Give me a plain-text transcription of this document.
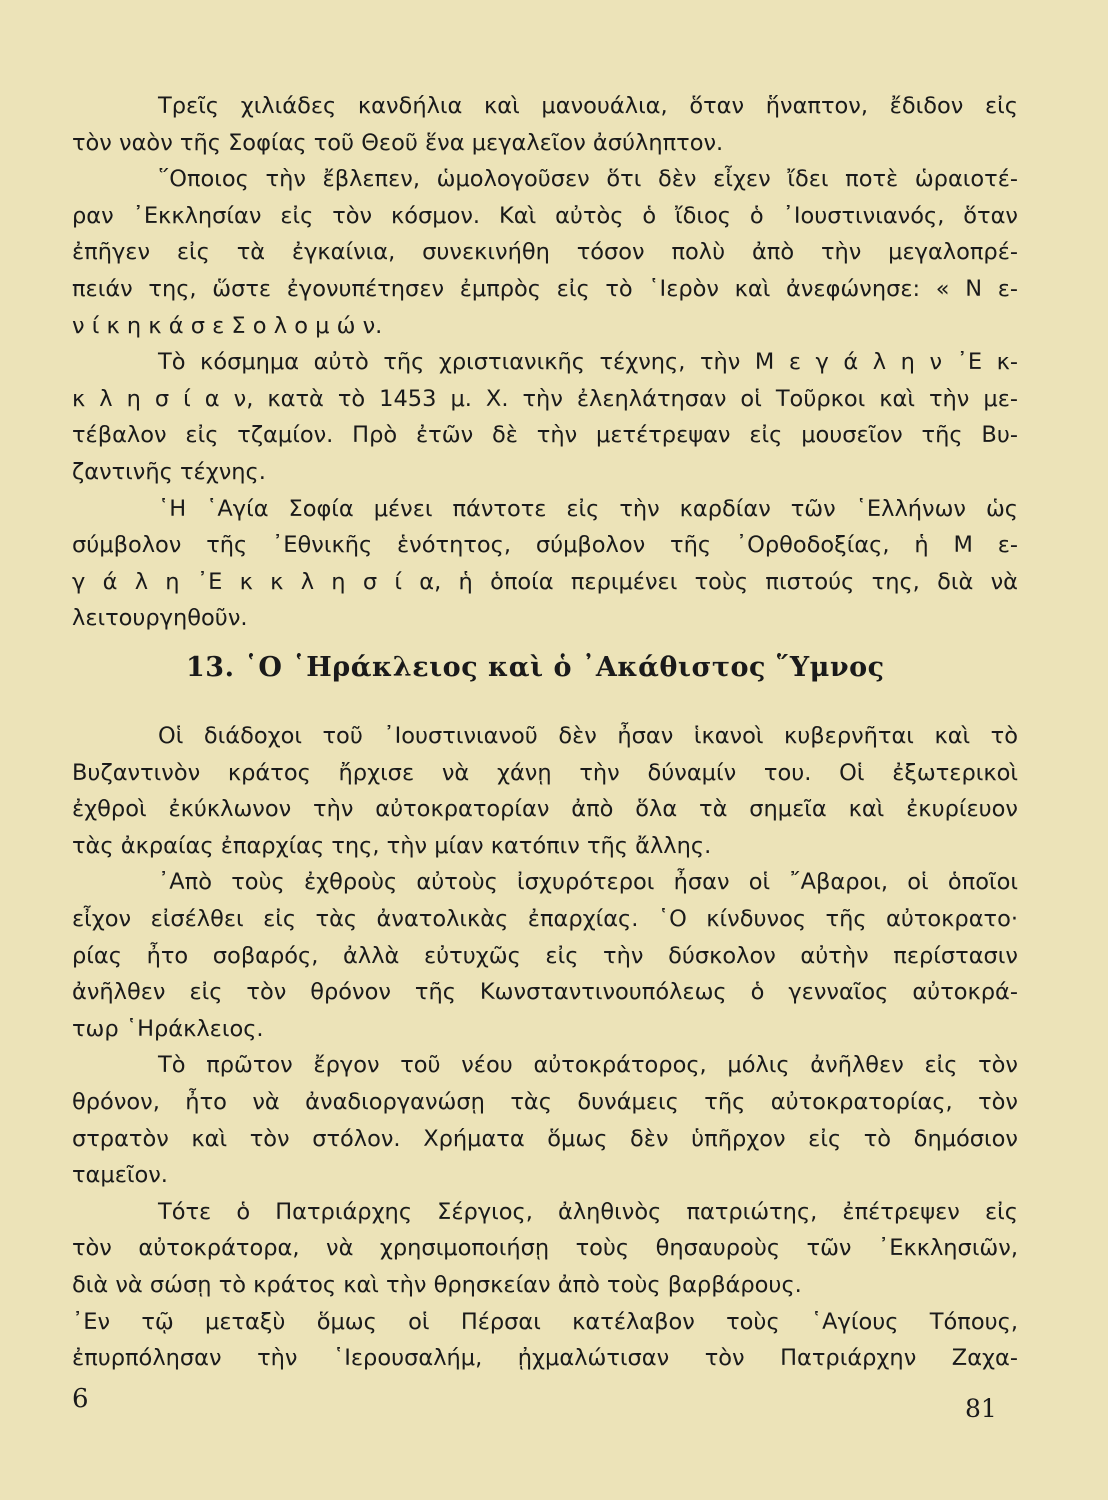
Τρεῖς χιλιάδες κανδήλια καὶ μανουάλια, ὅταν ἥναπτον, ἔδιδον εἰς
τὸν ναὸν τῆς Σοφίας τοῦ Θεοῦ ἕνα μεγαλεῖον ἀσύληπτον.
῞Οποιος τὴν ἔβλεπεν, ὡμολογοῦσεν ὅτι δὲν εἶχεν ἴδει ποτὲ ὡραιοτέ-
ραν ᾿Εκκλησίαν εἰς τὸν κόσμον. Καὶ αὐτὸς ὁ ἴδιος ὁ ᾿Ιουστινιανός, ὅταν
ἐπῆγεν εἰς τὰ ἐγκαίνια, συνεκινήθη τόσον πολὺ ἀπὸ τὴν μεγαλοπρέ-
πειάν της, ὥστε ἐγονυπέτησεν ἐμπρὸς εἰς τὸ ῾Ιερὸν καὶ ἀνεφώνησε: « Ν ε-
ν ί κ η κ ά σ ε Σ ο λ ο μ ώ ν.
Τὸ κόσμημα αὐτὸ τῆς χριστιανικῆς τέχνης, τὴν Μ ε γ ά λ η ν ᾿Ε κ-
κ λ η σ ί α ν, κατὰ τὸ 1453 μ. Χ. τὴν ἐλεηλάτησαν οἱ Τοῦρκοι καὶ τὴν με-
τέβαλον εἰς τζαμίον. Πρὸ ἐτῶν δὲ τὴν μετέτρεψαν εἰς μουσεῖον τῆς Βυ-
ζαντινῆς τέχνης.
῾Η ῾Αγία Σοφία μένει πάντοτε εἰς τὴν καρδίαν τῶν ῾Ελλήνων ὡς
σύμβολον τῆς ᾿Εθνικῆς ἑνότητος, σύμβολον τῆς ᾿Ορθοδοξίας, ἡ Μ ε-
γ ά λ η ᾿Ε κ κ λ η σ ί α, ἡ ὁποία περιμένει τοὺς πιστούς της, διὰ νὰ
λειτουργηθοῦν.
13. ῾Ο ῾Ηράκλειος καὶ ὁ ᾿Ακάθιστος ῞Υμνος
Οἱ διάδοχοι τοῦ ᾿Ιουστινιανοῦ δὲν ἦσαν ἱκανοὶ κυβερνῆται καὶ τὸ
Βυζαντινὸν κράτος ἤρχισε νὰ χάνῃ τὴν δύναμίν του. Οἱ ἐξωτερικοὶ
ἐχθροὶ ἐκύκλωνον τὴν αὐτοκρατορίαν ἀπὸ ὅλα τὰ σημεῖα καὶ ἐκυρίευον
τὰς ἀκραίας ἐπαρχίας της, τὴν μίαν κατόπιν τῆς ἄλλης.
᾿Απὸ τοὺς ἐχθροὺς αὐτοὺς ἰσχυρότεροι ἦσαν οἱ ῎Αβαροι, οἱ ὁποῖοι
εἶχον εἰσέλθει εἰς τὰς ἀνατολικὰς ἐπαρχίας. ῾Ο κίνδυνος τῆς αὐτοκρατο·
ρίας ἦτο σοβαρός, ἀλλὰ εὐτυχῶς εἰς τὴν δύσκολον αὐτὴν περίστασιν
ἀνῆλθεν εἰς τὸν θρόνον τῆς Κωνσταντινουπόλεως ὁ γενναῖος αὐτοκρά-
τωρ ῾Ηράκλειος.
Τὸ πρῶτον ἔργον τοῦ νέου αὐτοκράτορος, μόλις ἀνῆλθεν εἰς τὸν
θρόνον, ἦτο νὰ ἀναδιοργανώσῃ τὰς δυνάμεις τῆς αὐτοκρατορίας, τὸν
στρατὸν καὶ τὸν στόλον. Χρήματα ὅμως δὲν ὑπῆρχον εἰς τὸ δημόσιον
ταμεῖον.
Τότε ὁ Πατριάρχης Σέργιος, ἀληθινὸς πατριώτης, ἐπέτρεψεν εἰς
τὸν αὐτοκράτορα, νὰ χρησιμοποιήσῃ τοὺς θησαυροὺς τῶν ᾿Εκκλησιῶν,
διὰ νὰ σώσῃ τὸ κράτος καὶ τὴν θρησκείαν ἀπὸ τοὺς βαρβάρους.
᾿Εν τῷ μεταξὺ ὅμως οἱ Πέρσαι κατέλαβον τοὺς ῾Αγίους Τόπους,
ἐπυρπόλησαν τὴν ῾Ιερουσαλήμ, ᾐχμαλώτισαν τὸν Πατριάρχην Ζαχα-
6	81
